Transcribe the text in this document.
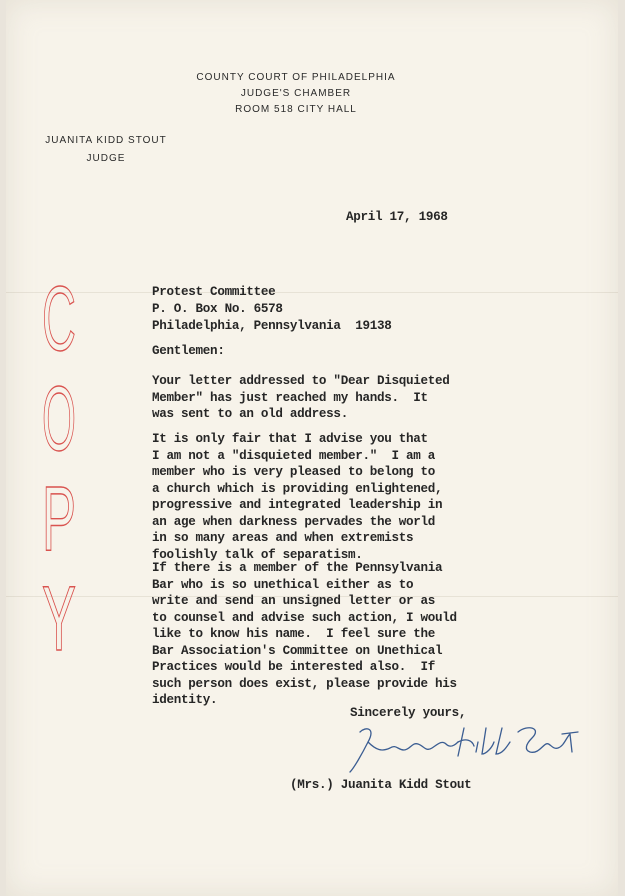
COUNTY COURT OF PHILADELPHIA
JUDGE'S CHAMBER
ROOM 518 CITY HALL
JUANITA KIDD STOUT
JUDGE
C
O
P
Y
April 17, 1968
Protest Committee
P. O. Box No. 6578
Philadelphia, Pennsylvania  19138
Gentlemen:
Your letter addressed to "Dear Disquieted
Member" has just reached my hands.  It
was sent to an old address.
It is only fair that I advise you that
I am not a "disquieted member."  I am a
member who is very pleased to belong to
a church which is providing enlightened,
progressive and integrated leadership in
an age when darkness pervades the world
in so many areas and when extremists
foolishly talk of separatism.
If there is a member of the Pennsylvania
Bar who is so unethical either as to
write and send an unsigned letter or as
to counsel and advise such action, I would
like to know his name.  I feel sure the
Bar Association's Committee on Unethical
Practices would be interested also.  If
such person does exist, please provide his
identity.
Sincerely yours,
(Mrs.) Juanita Kidd Stout
